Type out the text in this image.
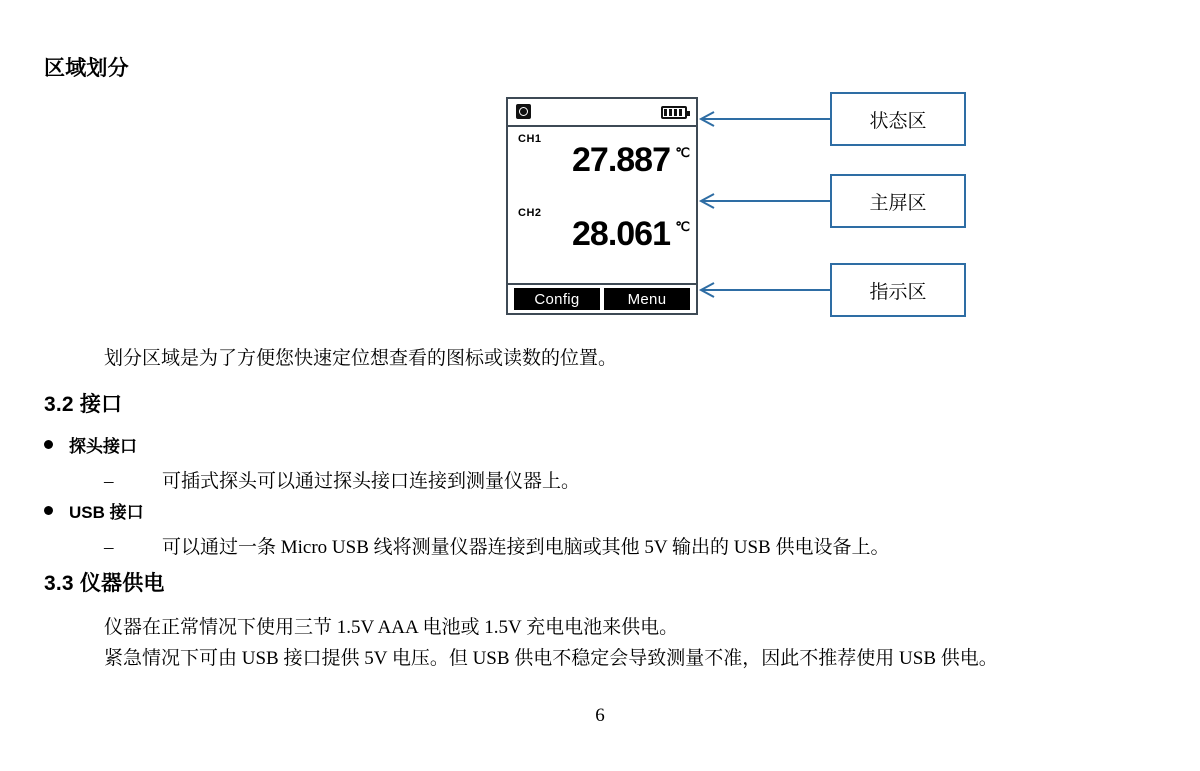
区域划分
CH1
27.887 ℃
CH2
28.061 ℃
Config	Menu
状态区
主屏区
指示区
划分区域是为了方便您快速定位想查看的图标或读数的位置。
3.2 接口
探头接口
–	可插式探头可以通过探头接口连接到测量仪器上。
USB 接口
–	可以通过一条 Micro USB 线将测量仪器连接到电脑或其他 5V 输出的 USB 供电设备上。
3.3 仪器供电
仪器在正常情况下使用三节 1.5V AAA 电池或 1.5V 充电电池来供电。
紧急情况下可由 USB 接口提供 5V 电压。但 USB 供电不稳定会导致测量不准，因此不推荐使用 USB 供电。
6
